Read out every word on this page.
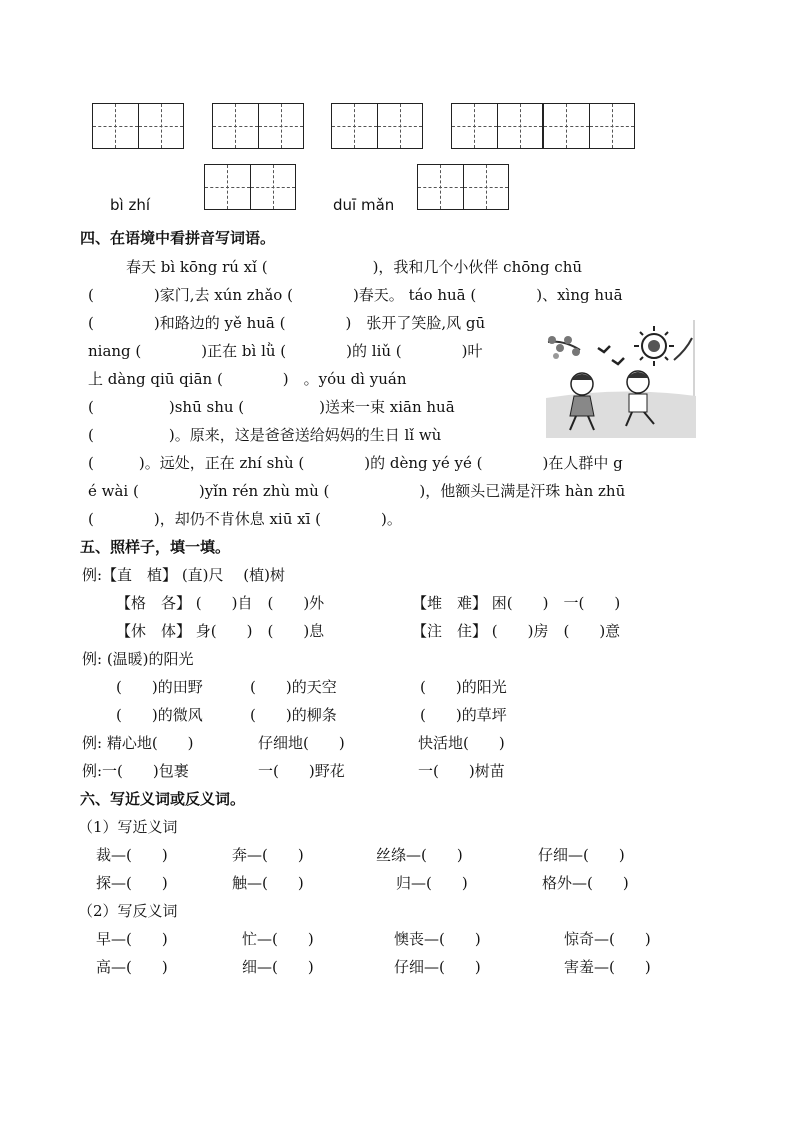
bì zhí	duī mǎn
四、在语境中看拼音写词语。
　　春天 bì kōng rú xǐ (　　　　　　　)，我和几个小伙伴 chōng chū
(　　　　)家门,去 xún zhǎo (　　　　)春天。 táo huā (　　　　)、xìng huā
(　　　　)和路边的 yě huā (　　　　)　张开了笑脸,风 gū
niang (　　　　)正在 bì lǜ (　　　　)的 liǔ (　　　　)叶
上 dàng qiū qiān (　　　　)　。yóu dì yuán
(　　　　　)shū shu (　　　　　)送来一束 xiān huā
(　　　　　)。原来，这是爸爸送给妈妈的生日 lǐ wù
(　　　)。远处，正在 zhí shù (　　　　)的 dèng yé yé (　　　　)在人群中 g
é wài (　　　　)yǐn rén zhù mù (　　　　　　)，他额头已满是汗珠 hàn zhū
(　　　　)，却仍不肯休息 xiū xī (　　　　)。
五、照样子，填一填。
例:【直　植】 (直)尺　 (植)树
【格　各】 (　　)自　(　　)外	【堆　难】 困(　　)　一(　　)
【休　体】 身(　　)　(　　)息	【注　住】 (　　)房　(　　)意
例: (温暖)的阳光
(　　)的田野	(　　)的天空	(　　)的阳光
(　　)的微风	(　　)的柳条	(　　)的草坪
例: 精心地(　　)	仔细地(　　)	快活地(　　)
例:一(　　)包裹	一(　　)野花	一(　　)树苗
六、写近义词或反义词。
（1）写近义词
裁—(　　)	奔—(　　)	丝绦—(　　)	仔细—(　　)
探—(　　)	触—(　　)	归—(　　)	格外—(　　)
（2）写反义词
早—(　　)	忙—(　　)	懊丧—(　　)	惊奇—(　　)
高—(　　)	细—(　　)	仔细—(　　)	害羞—(　　)
